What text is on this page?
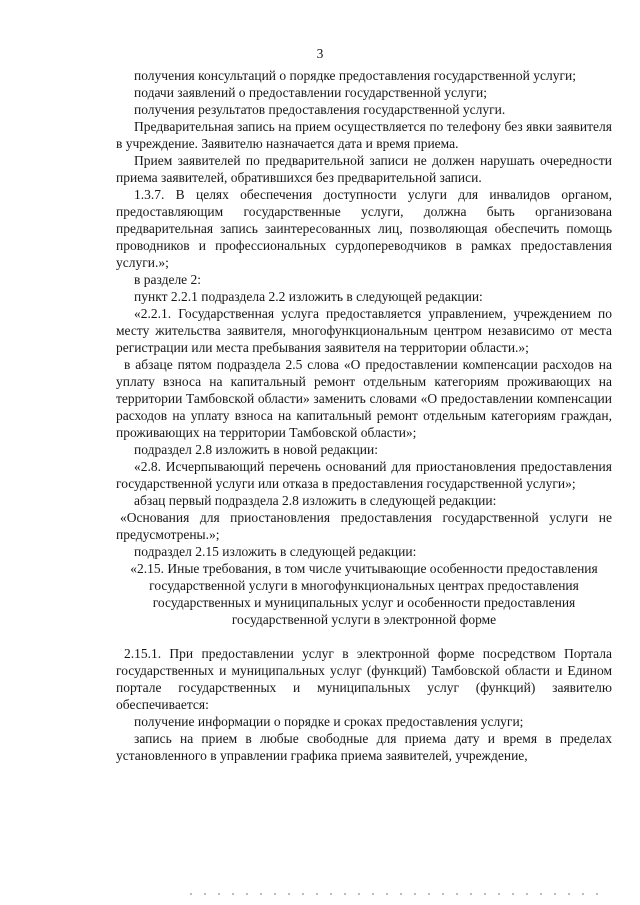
3

получения консультаций о порядке предоставления государственной услуги;

подачи заявлений о предоставлении государственной услуги;

получения результатов предоставления государственной услуги.

Предварительная запись на прием осуществляется по телефону без явки заявителя в учреждение. Заявителю назначается дата и время приема.

Прием заявителей по предварительной записи не должен нарушать очередности приема заявителей, обратившихся без предварительной записи.

1.3.7. В целях обеспечения доступности услуги для инвалидов органом, предоставляющим государственные услуги, должна быть организована предварительная запись заинтересованных лиц, позволяющая обеспечить помощь проводников и профессиональных сурдопереводчиков в рамках предоставления услуги.»;

в разделе 2:

пункт 2.2.1 подраздела 2.2 изложить в следующей редакции:

«2.2.1. Государственная услуга предоставляется управлением, учреждением по месту жительства заявителя, многофункциональным центром независимо от места регистрации или места пребывания заявителя на территории области.»;

в абзаце пятом подраздела 2.5 слова «О предоставлении компенсации расходов на уплату взноса на капитальный ремонт отдельным категориям проживающих на территории Тамбовской области» заменить словами «О предоставлении компенсации расходов на уплату взноса на капитальный ремонт отдельным категориям граждан, проживающих на территории Тамбовской области»;

подраздел 2.8 изложить в новой редакции:

«2.8. Исчерпывающий перечень оснований для приостановления предоставления государственной услуги или отказа в предоставления государственной услуги»;

абзац первый подраздела 2.8 изложить в следующей редакции:

«Основания для приостановления предоставления государственной услуги не предусмотрены.»;

подраздел 2.15 изложить в следующей редакции:

«2.15. Иные требования, в том числе учитывающие особенности предоставления государственной услуги в многофункциональных центрах предоставления государственных и муниципальных услуг и особенности предоставления государственной услуги в электронной форме

2.15.1. При предоставлении услуг в электронной форме посредством Портала государственных и муниципальных услуг (функций) Тамбовской области и Едином портале государственных и муниципальных услуг (функций) заявителю обеспечивается:

получение информации о порядке и сроках предоставления услуги;

запись на прием в любые свободные для приема дату и время в пределах установленного в управлении графика приема заявителей, учреждение,
